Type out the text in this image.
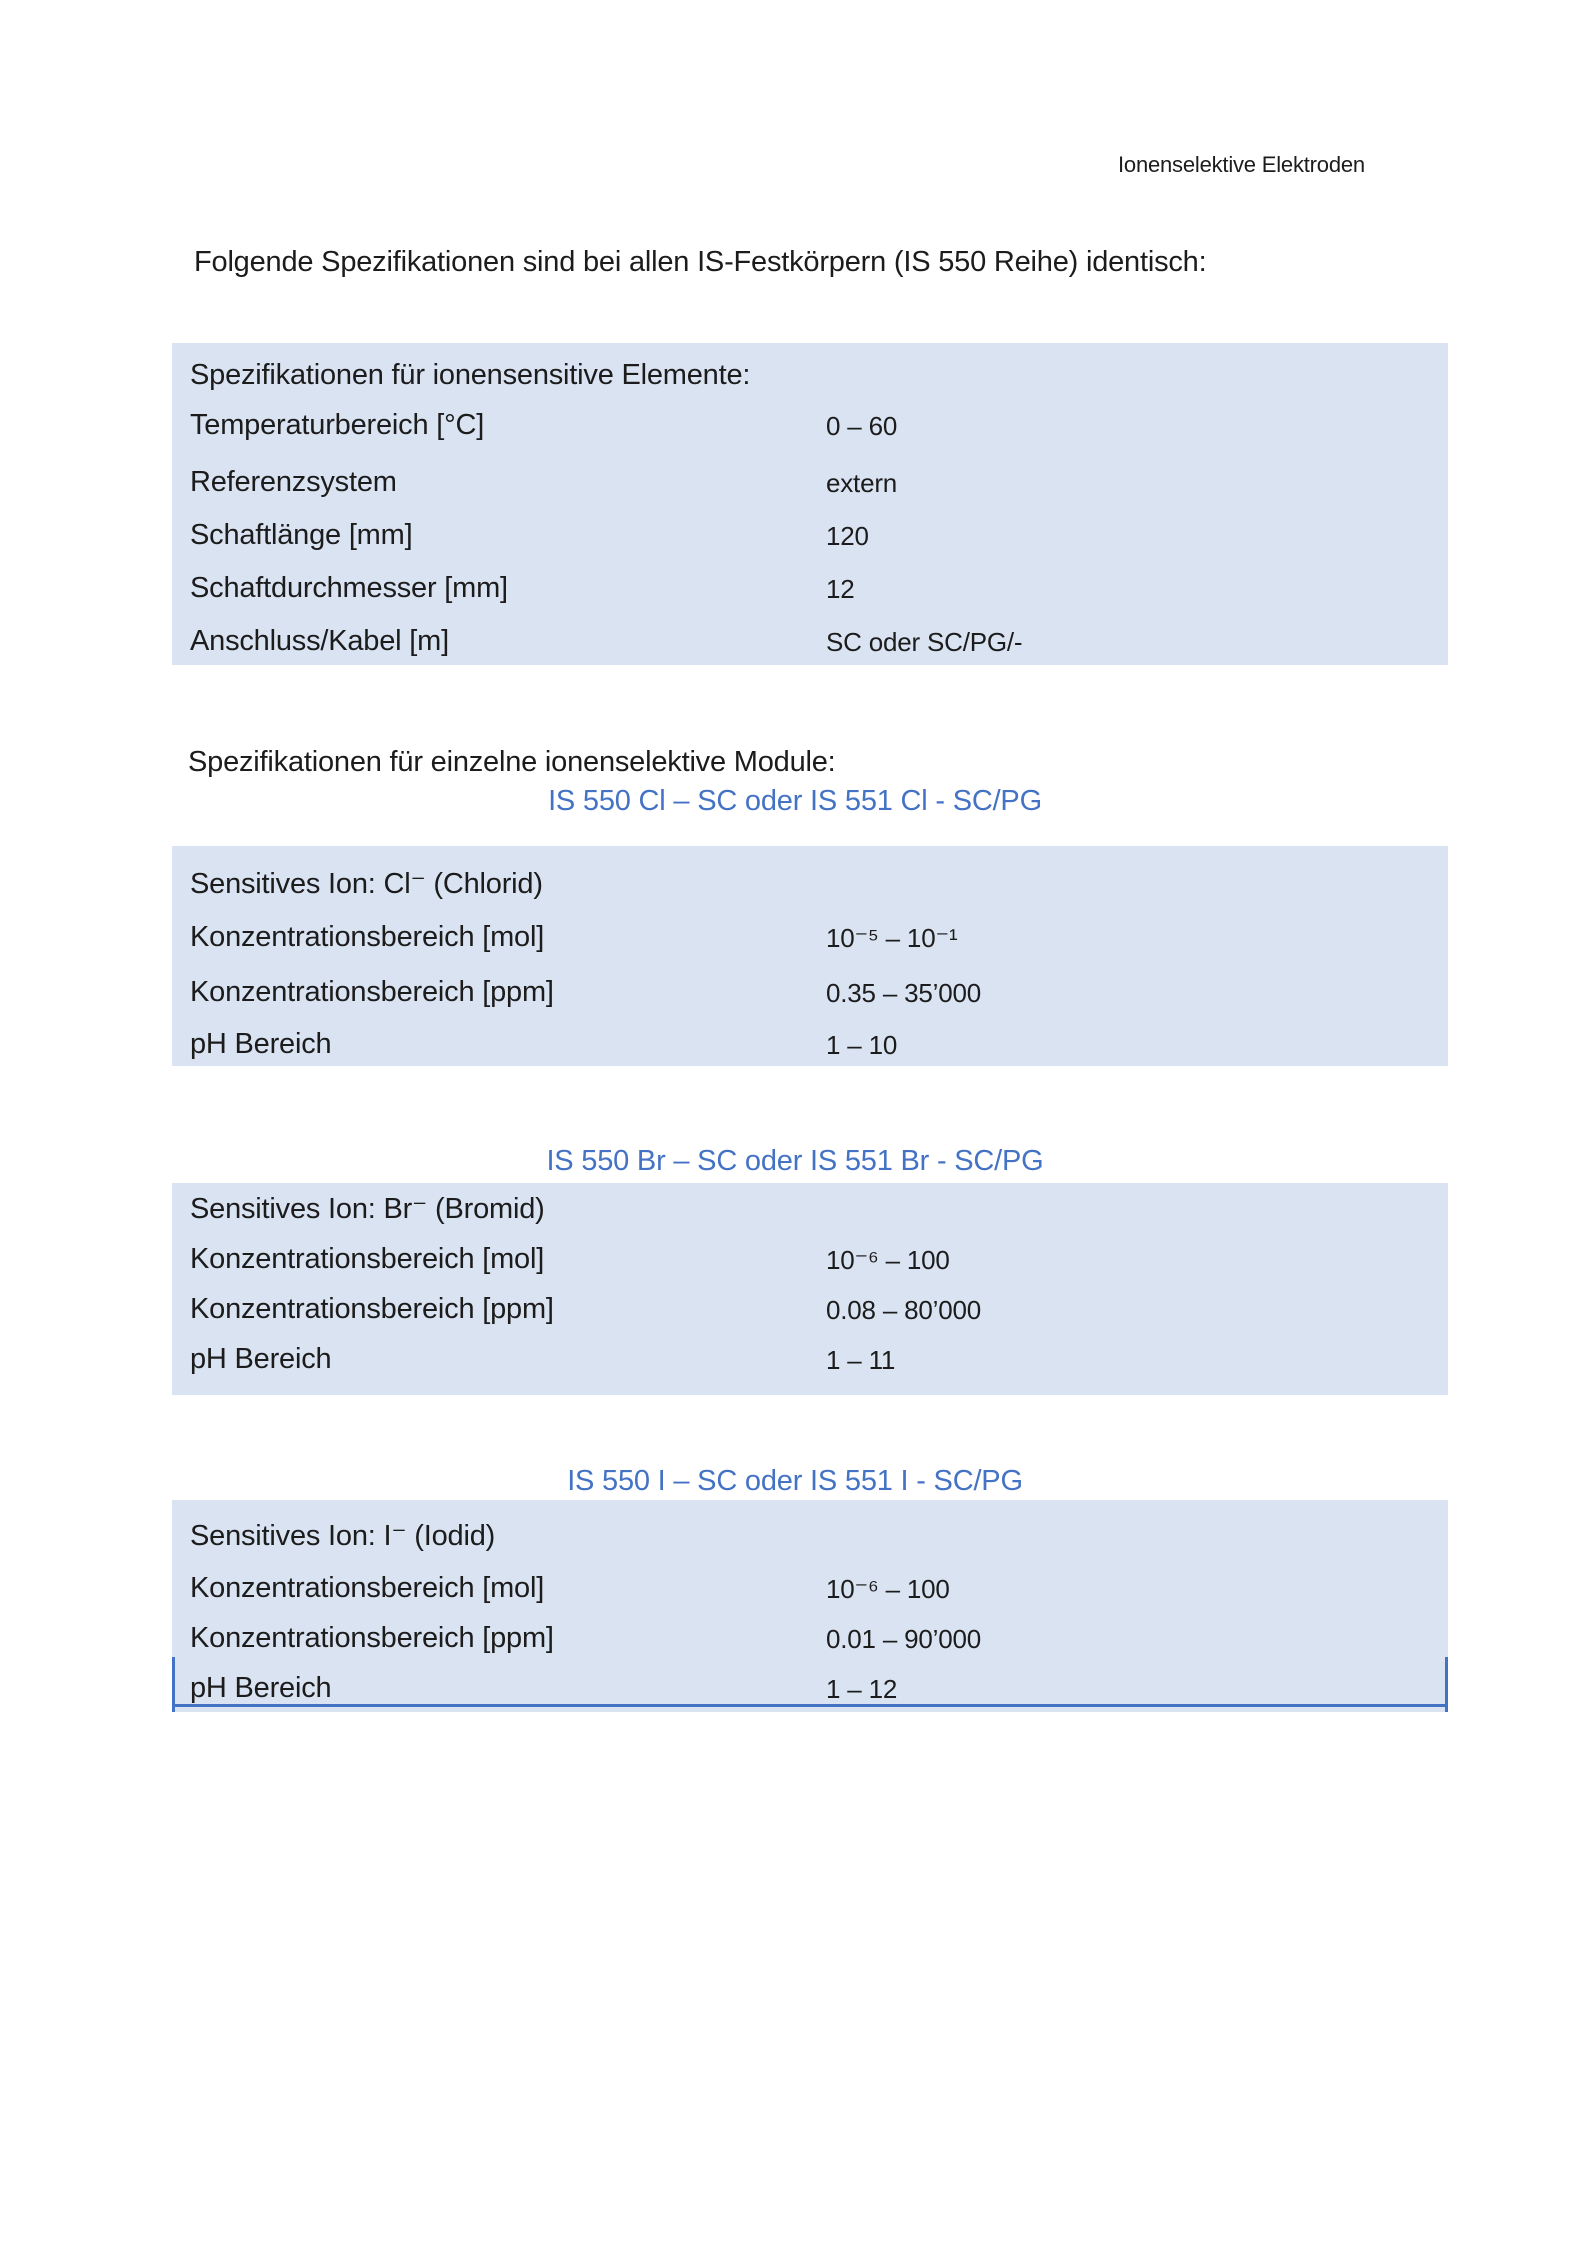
Ionenselektive Elektroden
Folgende Spezifikationen sind bei allen IS-Festkörpern (IS 550 Reihe) identisch:
Spezifikationen für ionensensitive Elemente:
Temperaturbereich [°C]	0 – 60
Referenzsystem	extern
Schaftlänge [mm]	120
Schaftdurchmesser [mm]	12
Anschluss/Kabel [m]	SC oder SC/PG/-
Spezifikationen für einzelne ionenselektive Module:
IS 550 Cl – SC oder IS 551 Cl - SC/PG
Sensitives Ion: Cl⁻ (Chlorid)
Konzentrationsbereich [mol]	10⁻⁵ – 10⁻¹
Konzentrationsbereich [ppm]	0.35 – 35’000
pH Bereich	1 – 10
IS 550 Br – SC oder IS 551 Br - SC/PG
Sensitives Ion: Br⁻ (Bromid)
Konzentrationsbereich [mol]	10⁻⁶ – 100
Konzentrationsbereich [ppm]	0.08 – 80’000
pH Bereich	1 – 11
IS 550 I – SC oder IS 551 I - SC/PG
Sensitives Ion: I⁻ (Iodid)
Konzentrationsbereich [mol]	10⁻⁶ – 100
Konzentrationsbereich [ppm]	0.01 – 90’000
pH Bereich	1 – 12
